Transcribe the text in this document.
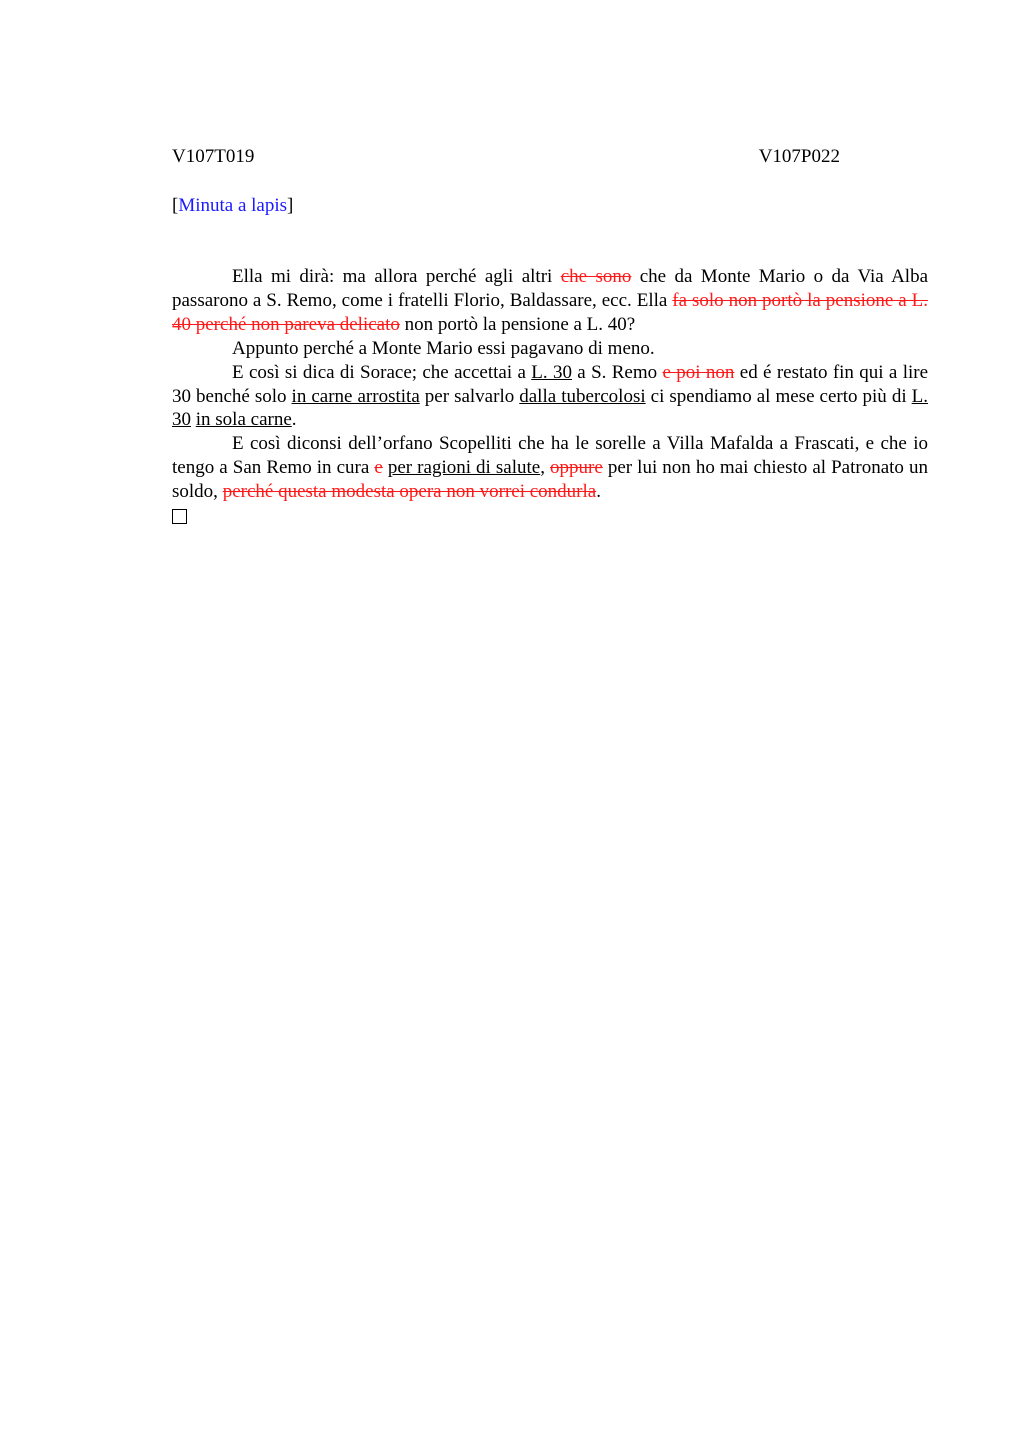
V107T019	V107P022
[Minuta a lapis]

Ella mi dirà: ma allora perché agli altri che sono che da Monte Mario o da Via Alba passarono a S. Remo, come i fratelli Florio, Baldassare, ecc. Ella fa solo non portò la pensione a L. 40 perché non pareva delicato non portò la pensione a L. 40?

Appunto perché a Monte Mario essi pagavano di meno.

E così si dica di Sorace; che accettai a L. 30 a S. Remo e poi non ed é restato fin qui a lire 30 benché solo in carne arrostita per salvarlo dalla tubercolosi ci spendiamo al mese certo più di L. 30 in sola carne.

E così diconsi dell’orfano Scopelliti che ha le sorelle a Villa Mafalda a Frascati, e che io tengo a San Remo in cura e per ragioni di salute, oppure per lui non ho mai chiesto al Patronato un soldo, perché questa modesta opera non vorrei condurla.
